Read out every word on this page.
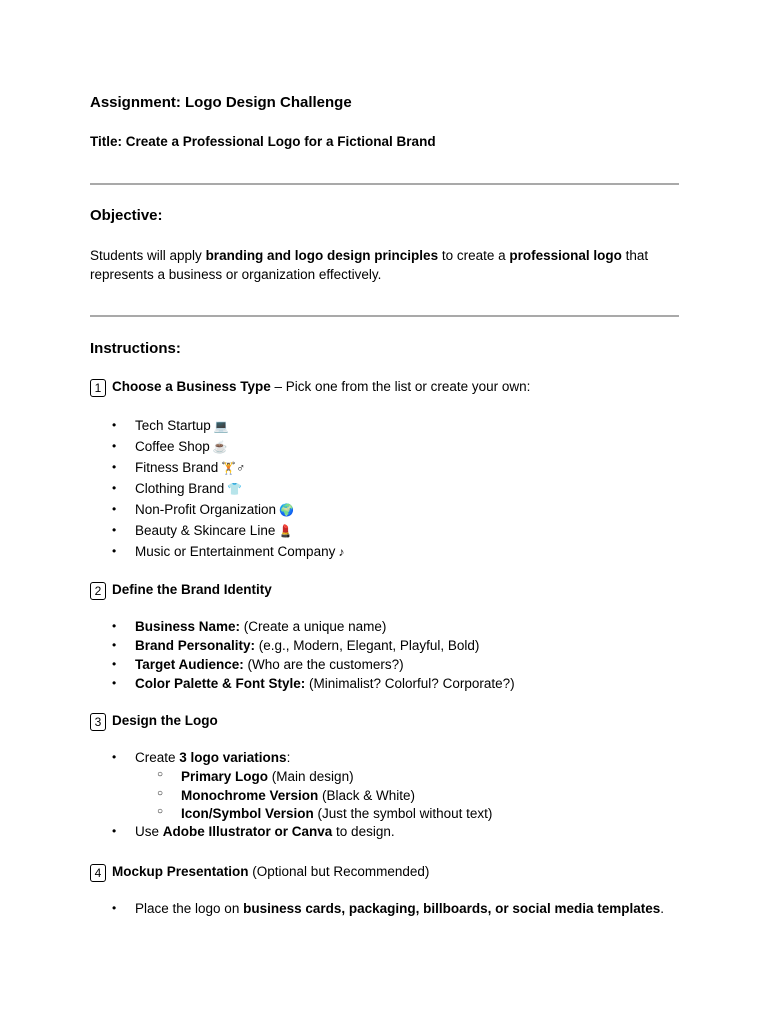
Assignment: Logo Design Challenge
Title: Create a Professional Logo for a Fictional Brand
Objective:
Students will apply branding and logo design principles to create a professional logo that represents a business or organization effectively.
Instructions:
1 Choose a Business Type – Pick one from the list or create your own:
• Tech Startup 💻
• Coffee Shop ☕
• Fitness Brand 🏋♂
• Clothing Brand 👕
• Non-Profit Organization 🌍
• Beauty & Skincare Line 💄
• Music or Entertainment Company ♪
2 Define the Brand Identity
• Business Name: (Create a unique name)
• Brand Personality: (e.g., Modern, Elegant, Playful, Bold)
• Target Audience: (Who are the customers?)
• Color Palette & Font Style: (Minimalist? Colorful? Corporate?)
3 Design the Logo
• Create 3 logo variations:
○ Primary Logo (Main design)
○ Monochrome Version (Black & White)
○ Icon/Symbol Version (Just the symbol without text)
• Use Adobe Illustrator or Canva to design.
4 Mockup Presentation (Optional but Recommended)
• Place the logo on business cards, packaging, billboards, or social media templates.
